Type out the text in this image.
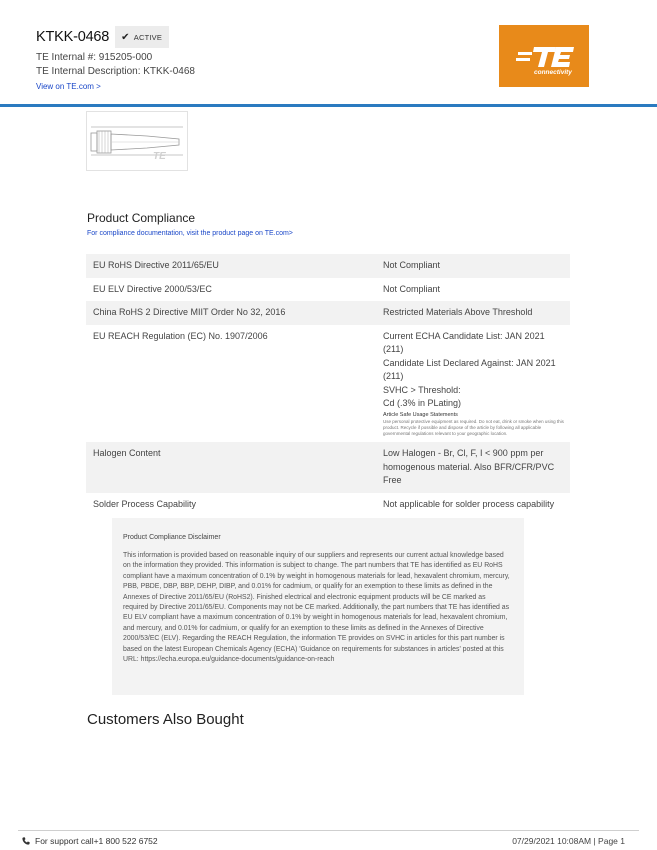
KTKK-0468 ✔ ACTIVE
TE Internal #: 915205-000
TE Internal Description: KTKK-0468
View on TE.com >
connectivity
TE
Product Compliance
For compliance documentation, visit the product page on TE.com>
EU RoHS Directive 2011/65/EU	Not Compliant
EU ELV Directive 2000/53/EC	Not Compliant
China RoHS 2 Directive MIIT Order No 32, 2016	Restricted Materials Above Threshold
EU REACH Regulation (EC) No. 1907/2006	Current ECHA Candidate List: JAN 2021
(211)
Candidate List Declared Against: JAN 2021
(211)
SVHC > Threshold:
Cd (.3% in PLating)
Article Safe Usage Statements
Use personal protective equipment as required. Do not eat, drink or smoke when using this product. Recycle if possible and dispose of the article by following all applicable governmental regulations relevant to your geographic location.
Halogen Content	Low Halogen - Br, Cl, F, I < 900 ppm per homogenous material. Also BFR/CFR/PVC Free
Solder Process Capability	Not applicable for solder process capability
Product Compliance Disclaimer
This information is provided based on reasonable inquiry of our suppliers and represents our current actual knowledge based on the information they provided. This information is subject to change. The part numbers that TE has identified as EU RoHS compliant have a maximum concentration of 0.1% by weight in homogenous materials for lead, hexavalent chromium, mercury, PBB, PBDE, DBP, BBP, DEHP, DIBP, and 0.01% for cadmium, or qualify for an exemption to these limits as defined in the Annexes of Directive 2011/65/EU (RoHS2). Finished electrical and electronic equipment products will be CE marked as required by Directive 2011/65/EU. Components may not be CE marked. Additionally, the part numbers that TE has identified as EU ELV compliant have a maximum concentration of 0.1% by weight in homogenous materials for lead, hexavalent chromium, and mercury, and 0.01% for cadmium, or qualify for an exemption to these limits as defined in the Annexes of Directive 2000/53/EC (ELV). Regarding the REACH Regulation, the information TE provides on SVHC in articles for this part number is based on the latest European Chemicals Agency (ECHA) 'Guidance on requirements for substances in articles' posted at this URL: https://echa.europa.eu/guidance-documents/guidance-on-reach
Customers Also Bought
For support call+1 800 522 6752	07/29/2021 10:08AM | Page 1
